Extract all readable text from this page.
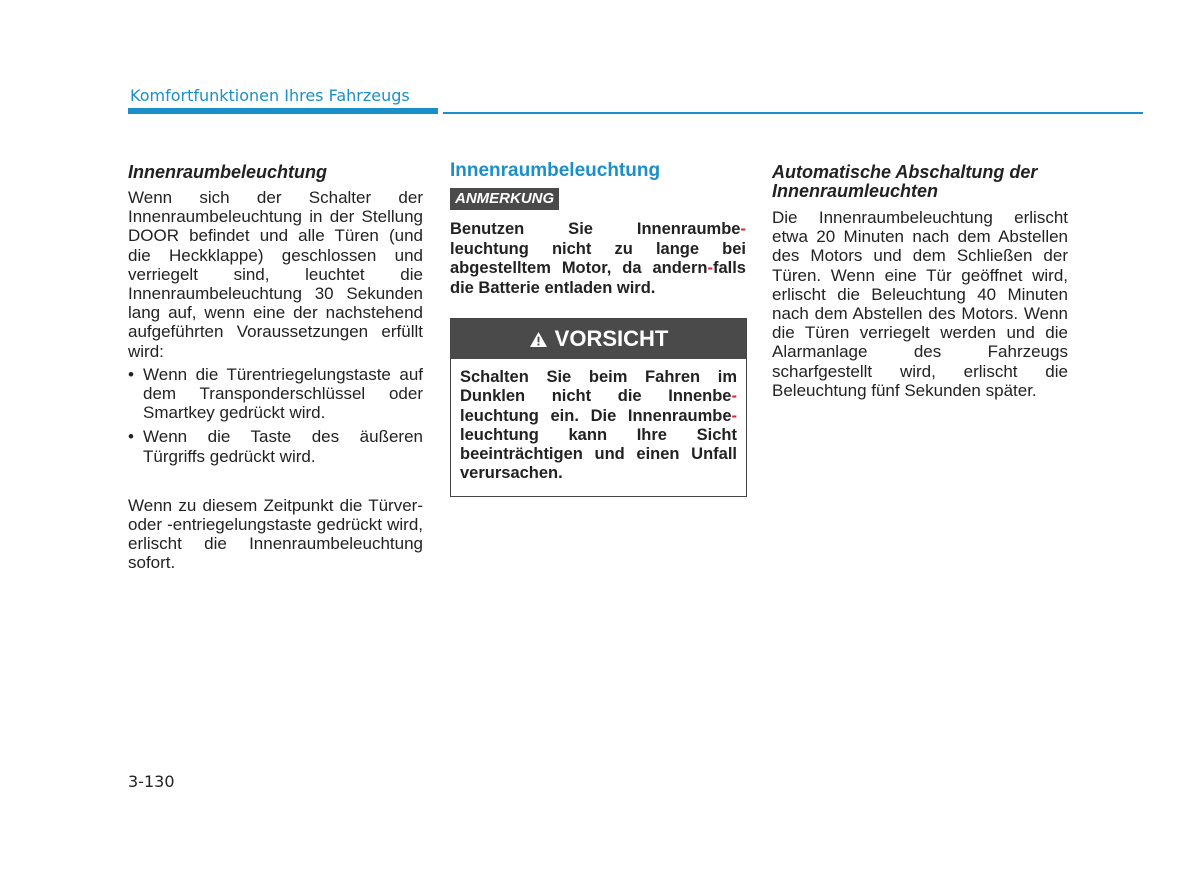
Komfortfunktionen Ihres Fahrzeugs

Innenraumbeleuchtung

Wenn sich der Schalter der Innenraumbeleuchtung in der Stellung DOOR befindet und alle Türen (und die Heckklappe) geschlossen und verriegelt sind, leuchtet die Innenraumbeleuchtung 30 Sekunden lang auf, wenn eine der nachstehend aufgeführten Voraussetzungen erfüllt wird:

• Wenn die Türentriegelungstaste auf dem Transponderschlüssel oder Smartkey gedrückt wird.
• Wenn die Taste des äußeren Türgriffs gedrückt wird.

Wenn zu diesem Zeitpunkt die Türver- oder -entriegelungstaste gedrückt wird, erlischt die Innenraumbeleuchtung sofort.

Innenraumbeleuchtung

ANMERKUNG

Benutzen Sie Innenraumbe-leuchtung nicht zu lange bei abgestelltem Motor, da andern-falls die Batterie entladen wird.

VORSICHT

Schalten Sie beim Fahren im Dunklen nicht die Innenbe-leuchtung ein. Die Innenraumbe-leuchtung kann Ihre Sicht beeinträchtigen und einen Unfall verursachen.

Automatische Abschaltung der Innenraumleuchten

Die Innenraumbeleuchtung erlischt etwa 20 Minuten nach dem Abstellen des Motors und dem Schließen der Türen. Wenn eine Tür geöffnet wird, erlischt die Beleuchtung 40 Minuten nach dem Abstellen des Motors. Wenn die Türen verriegelt werden und die Alarmanlage des Fahrzeugs scharfgestellt wird, erlischt die Beleuchtung fünf Sekunden später.

3-130
